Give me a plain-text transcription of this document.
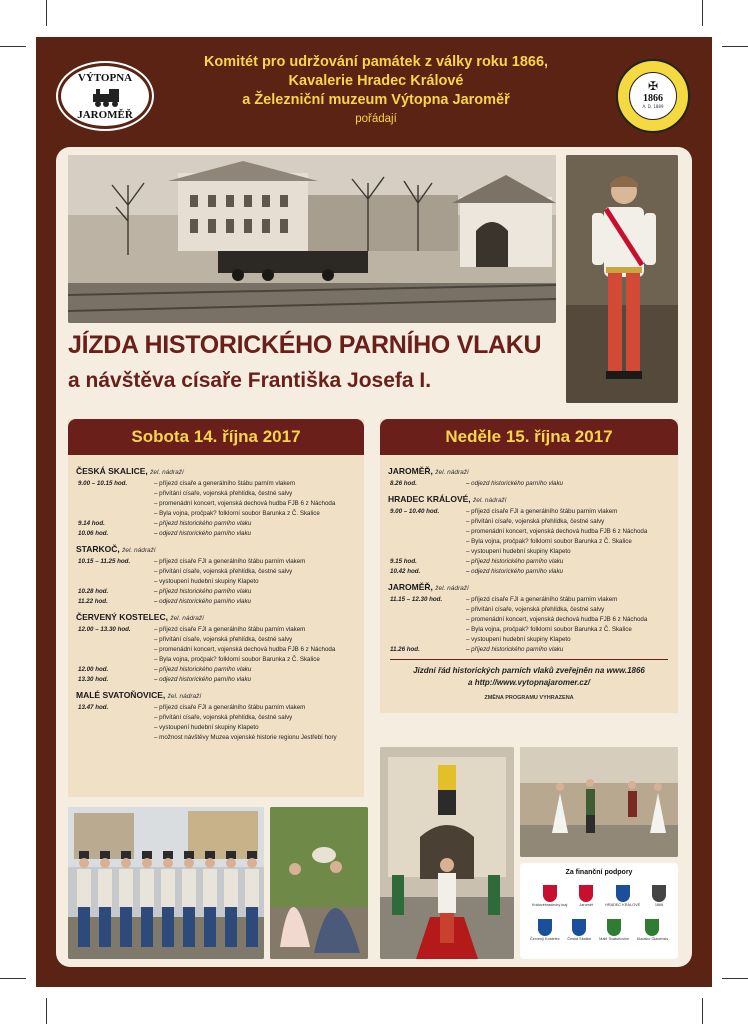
VÝTOPNA
JAROMĚŘ
Komitét pro udržování památek z války roku 1866,
Kavalerie Hradec Králové
a Železniční muzeum Výtopna Jaroměř
pořádají
✠
1866
A. D. 1889
JÍZDA HISTORICKÉHO PARNÍHO VLAKU
a návštěva císaře Františka Josefa I.
Sobota 14. října 2017
ČESKÁ SKALICE, žel. nádraží
9.00 – 10.15 hod.	– příjezd císaře a generálního štábu parním vlakem
– přivítání císaře, vojenská přehlídka, čestné salvy
– promenádní koncert, vojenská dechová hudba FJB 6 z Náchoda
– Byla vojna, pročpak? folklorní soubor Barunka z Č. Skalice
9.14 hod.	– příjezd historického parního vlaku
10.06 hod.	– odjezd historického parního vlaku
STARKOČ, žel. nádraží
10.15 – 11.25 hod.	– příjezd císaře FJI a generálního štábu parním vlakem
– přivítání císaře, vojenská přehlídka, čestné salvy
– vystoupení hudební skupiny Klapeto
10.28 hod.	– příjezd historického parního vlaku
11.22 hod.	– odjezd historického parního vlaku
ČERVENÝ KOSTELEC, žel. nádraží
12.00 – 13.30 hod.	– příjezd císaře FJI a generálního štábu parním vlakem
– přivítání císaře, vojenská přehlídka, čestné salvy
– promenádní koncert, vojenská dechová hudba FJB 6 z Náchoda
– Byla vojna, pročpak? folklorní soubor Barunka z Č. Skalice
12.00 hod.	– příjezd historického parního vlaku
13.30 hod.	– odjezd historického parního vlaku
MALÉ SVATOŇOVICE, žel. nádraží
13.47 hod.	– příjezd císaře FJI a generálního štábu parním vlakem
– přivítání císaře, vojenská přehlídka, čestné salvy
– vystoupení hudební skupiny Klapeto
– možnost návštěvy Muzea vojenské historie regionu Jestřebí hory
Neděle 15. října 2017
JAROMĚŘ, žel. nádraží
8.26 hod.	– odjezd historického parního vlaku
HRADEC KRÁLOVÉ, žel. nádraží
9.00 – 10.40 hod.	– příjezd císaře FJI a generálního štábu parním vlakem
– přivítání císaře, vojenská přehlídka, čestné salvy
– promenádní koncert, vojenská dechová hudba FJB 6 z Náchoda
– Byla vojna, pročpak? folklorní soubor Barunka z Č. Skalice
– vystoupení hudební skupiny Klapeto
9.15 hod.	– příjezd historického parního vlaku
10.42 hod.	– odjezd historického parního vlaku
JAROMĚŘ, žel. nádraží
11.15 – 12.30 hod.	– příjezd císaře FJI a generálního štábu parním vlakem
– přivítání císaře, vojenská přehlídka, čestné salvy
– promenádní koncert, vojenská dechová hudba FJB 6 z Náchoda
– Byla vojna, pročpak? folklorní soubor Barunka z Č. Skalice
– vystoupení hudební skupiny Klapeto
11.26 hod.	– příjezd historického parního vlaku
Jízdní řád historických parních vlaků zveřejněn na www.1866
a http://www.vytopnajaromer.cz/
ZMĚNA PROGRAMU VYHRAZENA
Za finanční podpory
Královéhradecký kraj	Jaroměř	HRADEC KRÁLOVÉ	1866
Červený Kostelec Česká Skalice Malé Svatoňovice Kladsko Glacensis
